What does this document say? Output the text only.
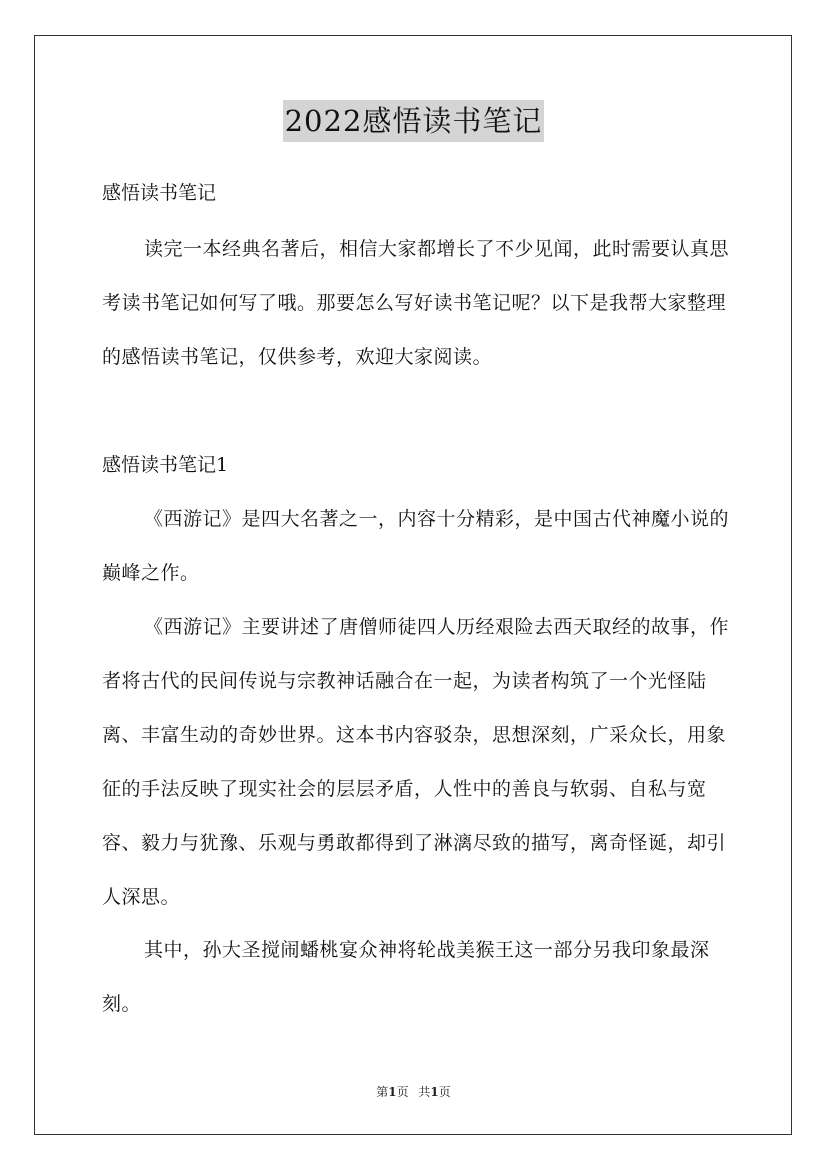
2022感悟读书笔记

感悟读书笔记

读完一本经典名著后，相信大家都增长了不少见闻，此时需要认真思考读书笔记如何写了哦。那要怎么写好读书笔记呢？以下是我帮大家整理的感悟读书笔记，仅供参考，欢迎大家阅读。

感悟读书笔记1

《西游记》是四大名著之一，内容十分精彩，是中国古代神魔小说的巅峰之作。

《西游记》主要讲述了唐僧师徒四人历经艰险去西天取经的故事，作者将古代的民间传说与宗教神话融合在一起，为读者构筑了一个光怪陆离、丰富生动的奇妙世界。这本书内容驳杂，思想深刻，广采众长，用象征的手法反映了现实社会的层层矛盾，人性中的善良与软弱、自私与宽容、毅力与犹豫、乐观与勇敢都得到了淋漓尽致的描写，离奇怪诞，却引人深思。

其中，孙大圣搅闹蟠桃宴众神将轮战美猴王这一部分另我印象最深刻。

第1页 共1页
